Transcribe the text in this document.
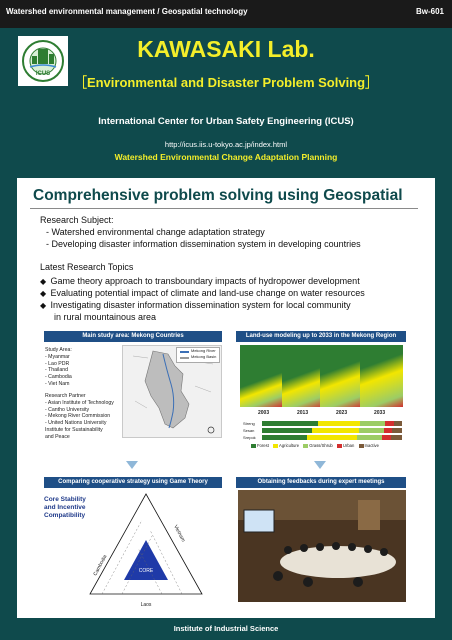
Watershed environmental management / Geospatial technology	Bw-601
ICUS
KAWASAKI Lab.
［Environmental and Disaster Problem Solving］
International Center for Urban Safety Engineering (ICUS)
http://icus.iis.u-tokyo.ac.jp/index.html
Watershed Environmental Change Adaptation Planning
Comprehensive problem solving using Geospatial
Research Subject:
- Watershed environmental change adaptation strategy
- Developing disaster information dissemination system in developing countries
Latest Research Topics
◆ Game theory approach to transboundary impacts of hydropower development
◆ Evaluating potential impact of climate and land-use change on water resources
◆ Investigating disaster information dissemination system for local community
in rural mountainous area
Main study area: Mekong Countries
Study Area:
- Myanmar
- Lao PDR
- Thailand
- Cambodia
- Viet Nam
Research Partner
- Asian Institute of Technology
- Cantho University
- Mekong River Commission
- United Nations University
Institute for Sustainability
and Peace
Mekong River
Mekong Basin
Land-use modeling up to 2033 in the Mekong Region
2003	2013	2023	2033
Streng
Sesan
Srepok
Forest Agriculture Grass/Shrub Urban Inactive
Comparing cooperative strategy using Game Theory
Core Stability
and Incentive
Compatibility
CORE
Cambodia
Vietnam
Laos
Obtaining feedbacks during expert meetings
Institute of Industrial Science
